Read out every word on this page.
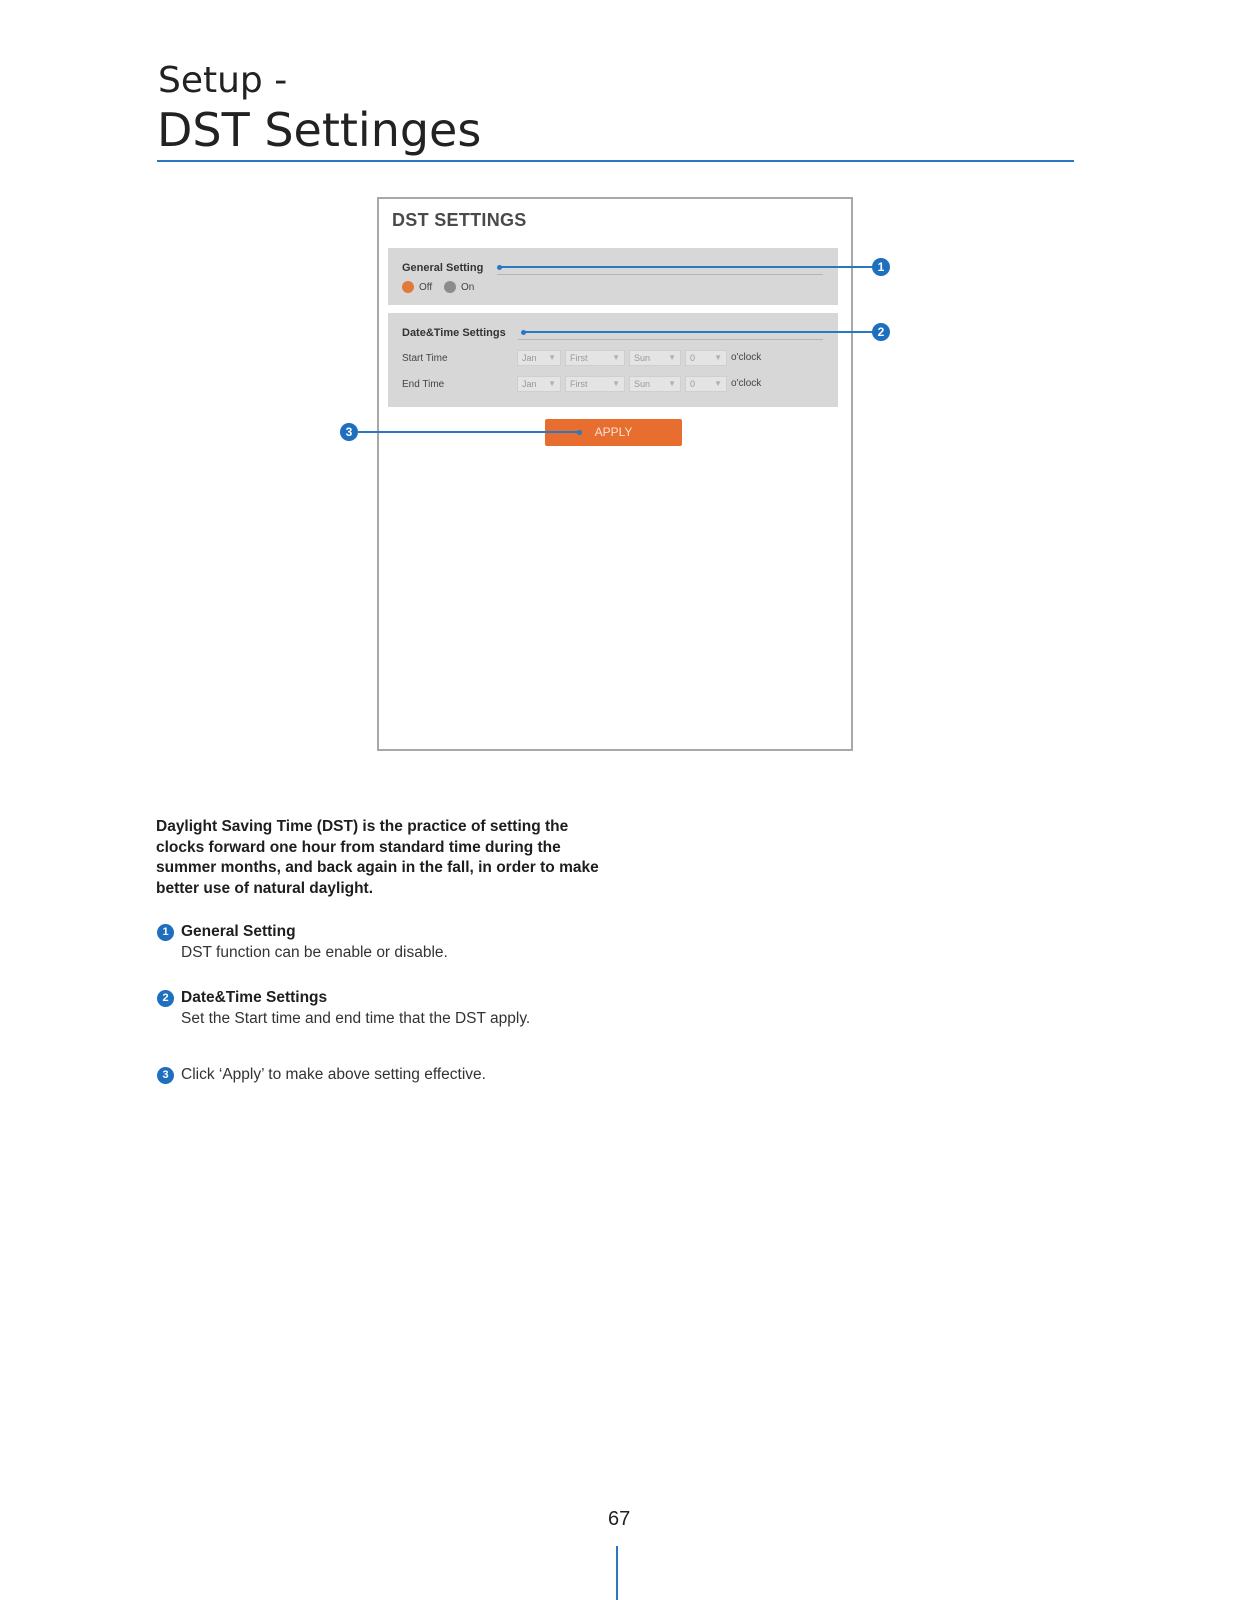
Setup -
DST Settinges
DST SETTINGS
General Setting
Off	On
Date&Time Settings
Start Time	Jan ▼	First	▼	Sun ▼	0 ▼ o'clock
End Time	Jan ▼	First	▼	Sun ▼	0 ▼ o'clock
APPLY
1
2
3
Daylight Saving Time (DST) is the practice of setting the clocks forward one hour from standard time during the summer months, and back again in the fall, in order to make better use of natural daylight.
1 General Setting
DST function can be enable or disable.
2 Date&Time Settings
Set the Start time and end time that the DST apply.
3 Click ‘Apply’ to make above setting effective.
67
